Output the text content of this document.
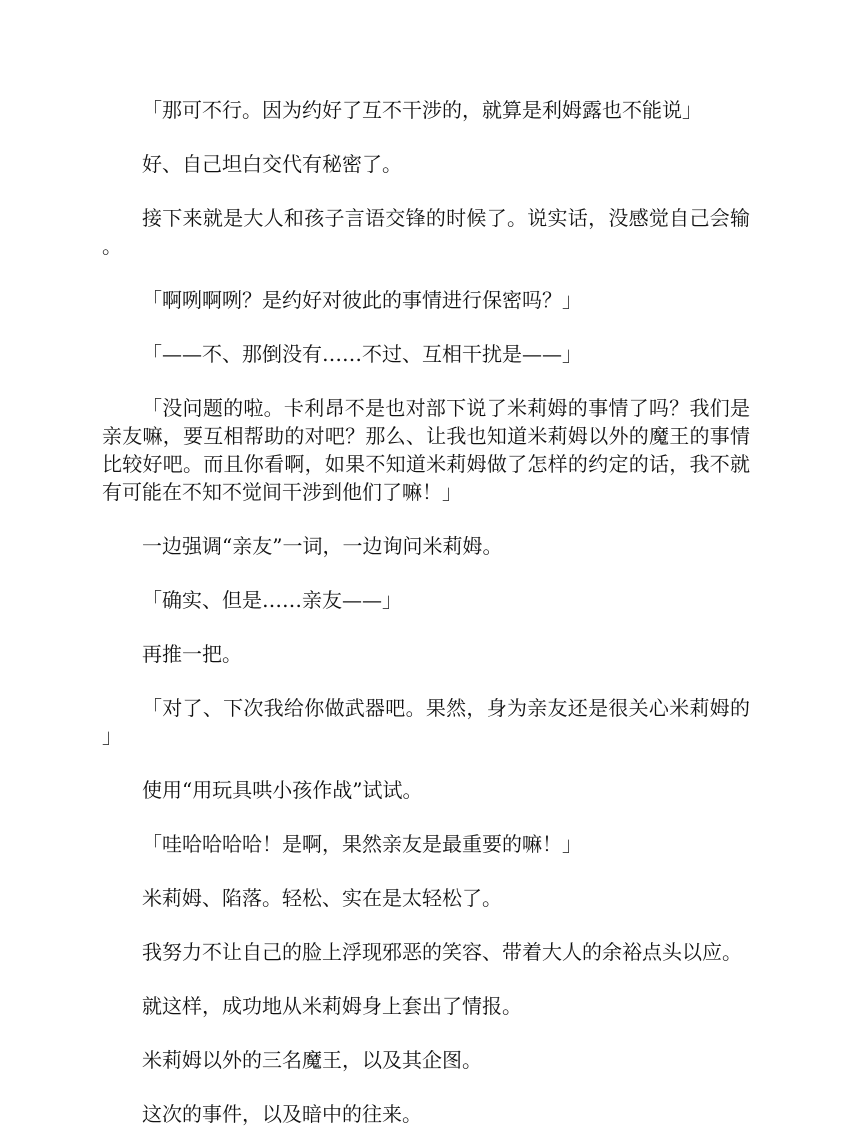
「那可不行。因为约好了互不干涉的，就算是利姆露也不能说」

好、自己坦白交代有秘密了。

接下来就是大人和孩子言语交锋的时候了。说实话，没感觉自己会输。

「啊咧啊咧？是约好对彼此的事情进行保密吗？」

「——不、那倒没有……不过、互相干扰是——」

「没问题的啦。卡利昂不是也对部下说了米莉姆的事情了吗？我们是亲友嘛，要互相帮助的对吧？那么、让我也知道米莉姆以外的魔王的事情比较好吧。而且你看啊，如果不知道米莉姆做了怎样的约定的话，我不就有可能在不知不觉间干涉到他们了嘛！」

一边强调“亲友”一词，一边询问米莉姆。

「确实、但是……亲友——」

再推一把。

「对了、下次我给你做武器吧。果然，身为亲友还是很关心米莉姆的」

使用“用玩具哄小孩作战”试试。

「哇哈哈哈哈！是啊，果然亲友是最重要的嘛！」

米莉姆、陷落。轻松、实在是太轻松了。

我努力不让自己的脸上浮现邪恶的笑容、带着大人的余裕点头以应。

就这样，成功地从米莉姆身上套出了情报。

米莉姆以外的三名魔王，以及其企图。

这次的事件，以及暗中的往来。
